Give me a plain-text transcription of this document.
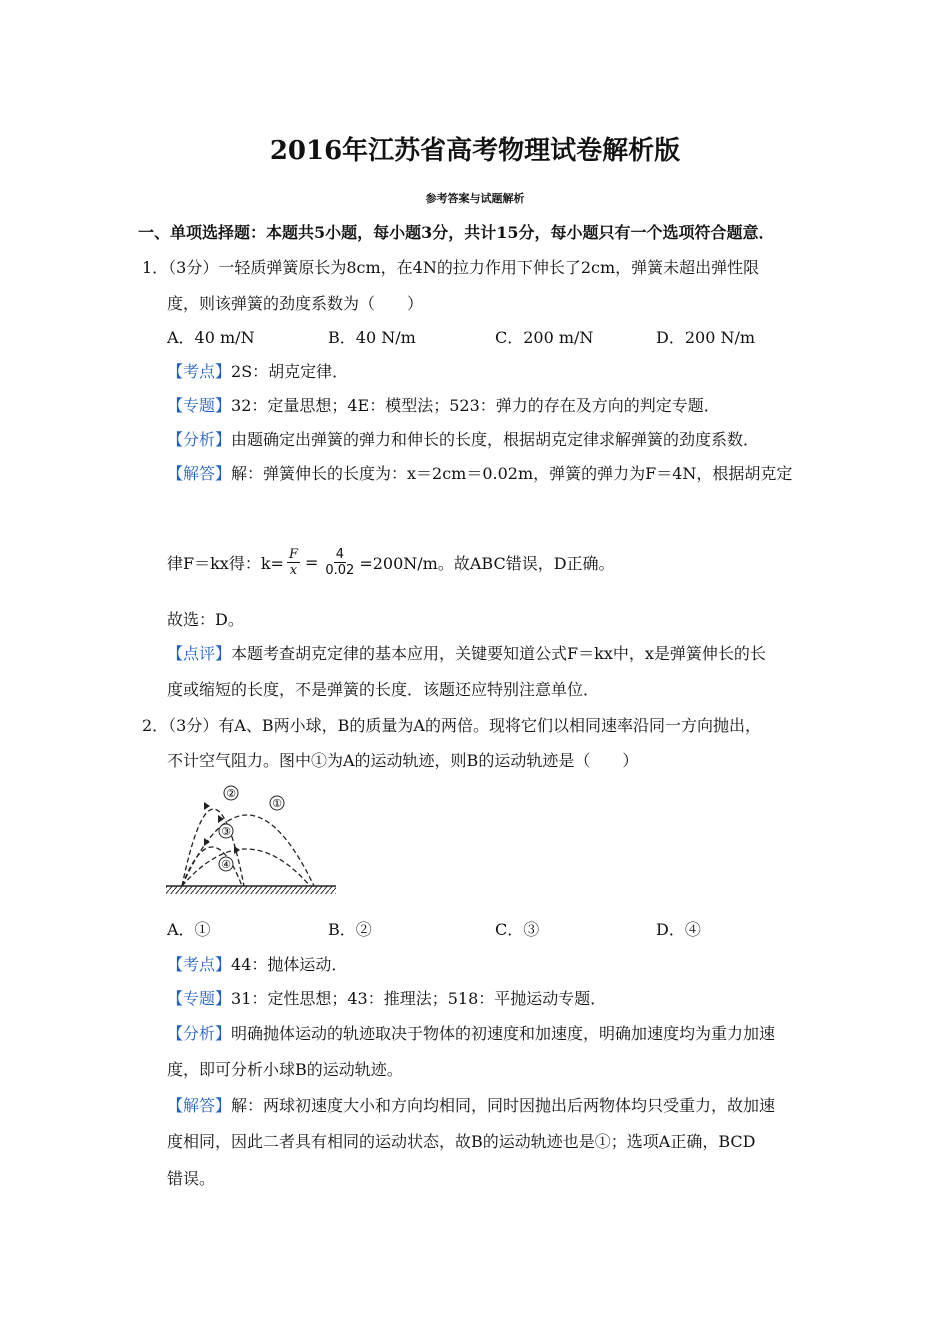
2016年江苏省高考物理试卷解析版
参考答案与试题解析
一、单项选择题：本题共5小题，每小题3分，共计15分，每小题只有一个选项符合题意．
1．（3分）一轻质弹簧原长为8cm，在4N的拉力作用下伸长了2cm，弹簧未超出弹性限
度，则该弹簧的劲度系数为（　　）
A．40 m/N	B．40 N/m	C．200 m/N	D．200 N/m
【考点】2S：胡克定律．
【专题】32：定量思想；4E：模型法；523：弹力的存在及方向的判定专题．
【分析】由题确定出弹簧的弹力和伸长的长度，根据胡克定律求解弹簧的劲度系数．
【解答】解：弹簧伸长的长度为：x＝2cm＝0.02m，弹簧的弹力为F＝4N，根据胡克定
律F＝kx得：$k= \frac{F}{x} = \frac{4}{0.02} =200N/m$。故ABC错误，D正确。
故选：D。
【点评】本题考查胡克定律的基本应用，关键要知道公式F＝kx中，x是弹簧伸长的长
度或缩短的长度，不是弹簧的长度．该题还应特别注意单位．
2．（3分）有A、B两小球，B的质量为A的两倍。现将它们以相同速率沿同一方向抛出，
不计空气阻力。图中①为A的运动轨迹，则B的运动轨迹是（　　）
②
①
③
④
A．①	B．②	C．③	D．④
【考点】44：抛体运动．
【专题】31：定性思想；43：推理法；518：平抛运动专题．
【分析】明确抛体运动的轨迹取决于物体的初速度和加速度，明确加速度均为重力加速
度，即可分析小球B的运动轨迹。
【解答】解：两球初速度大小和方向均相同，同时因抛出后两物体均只受重力，故加速
度相同，因此二者具有相同的运动状态，故B的运动轨迹也是①；选项A正确，BCD
错误。
